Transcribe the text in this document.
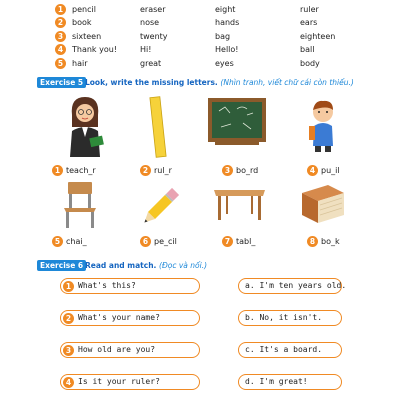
1	pencil	eraser	eight	ruler
2	book	nose	hands	ears
3	sixteen	twenty	bag	eighteen
4	Thank you!	Hi!	Hello!	ball
5	hair	great	eyes	body
Exercise 5 Look, write the missing letters. (Nhìn tranh, viết chữ cái còn thiếu.)
1 teach_r	2 rul_r	3 bo_rd	4 pu_il
5 chai_	6 pe_cil	7 tabl_	8 bo_k
Exercise 6 Read and match. (Đọc và nối.)
1 What's this?
2 What's your name?
3 How old are you?
4 Is it your ruler?
a. I'm ten years old.
b. No, it isn't.
c. It's a board.
d. I'm great!
